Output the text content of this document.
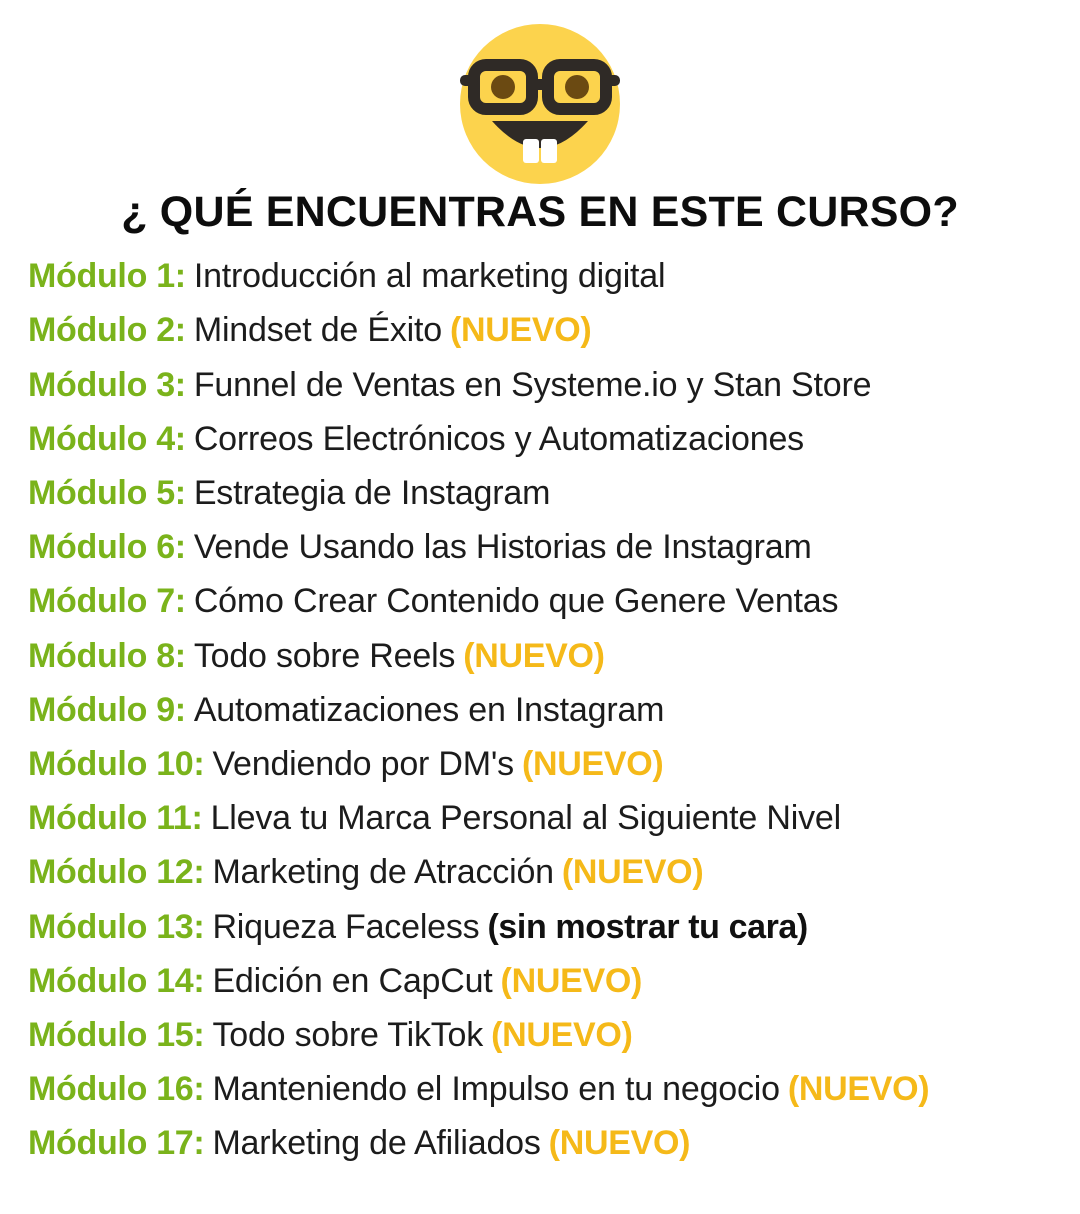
¿ QUÉ ENCUENTRAS EN ESTE CURSO?
Módulo 1: Introducción al marketing digital
Módulo 2: Mindset de Éxito (NUEVO)
Módulo 3: Funnel de Ventas en Systeme.io y Stan Store
Módulo 4: Correos Electrónicos y Automatizaciones
Módulo 5: Estrategia de Instagram
Módulo 6: Vende Usando las Historias de Instagram
Módulo 7: Cómo Crear Contenido que Genere Ventas
Módulo 8: Todo sobre Reels (NUEVO)
Módulo 9: Automatizaciones en Instagram
Módulo 10: Vendiendo por DM's (NUEVO)
Módulo 11: Lleva tu Marca Personal al Siguiente Nivel
Módulo 12: Marketing de Atracción (NUEVO)
Módulo 13: Riqueza Faceless (sin mostrar tu cara)
Módulo 14: Edición en CapCut (NUEVO)
Módulo 15: Todo sobre TikTok (NUEVO)
Módulo 16: Manteniendo el Impulso en tu negocio (NUEVO)
Módulo 17: Marketing de Afiliados (NUEVO)
